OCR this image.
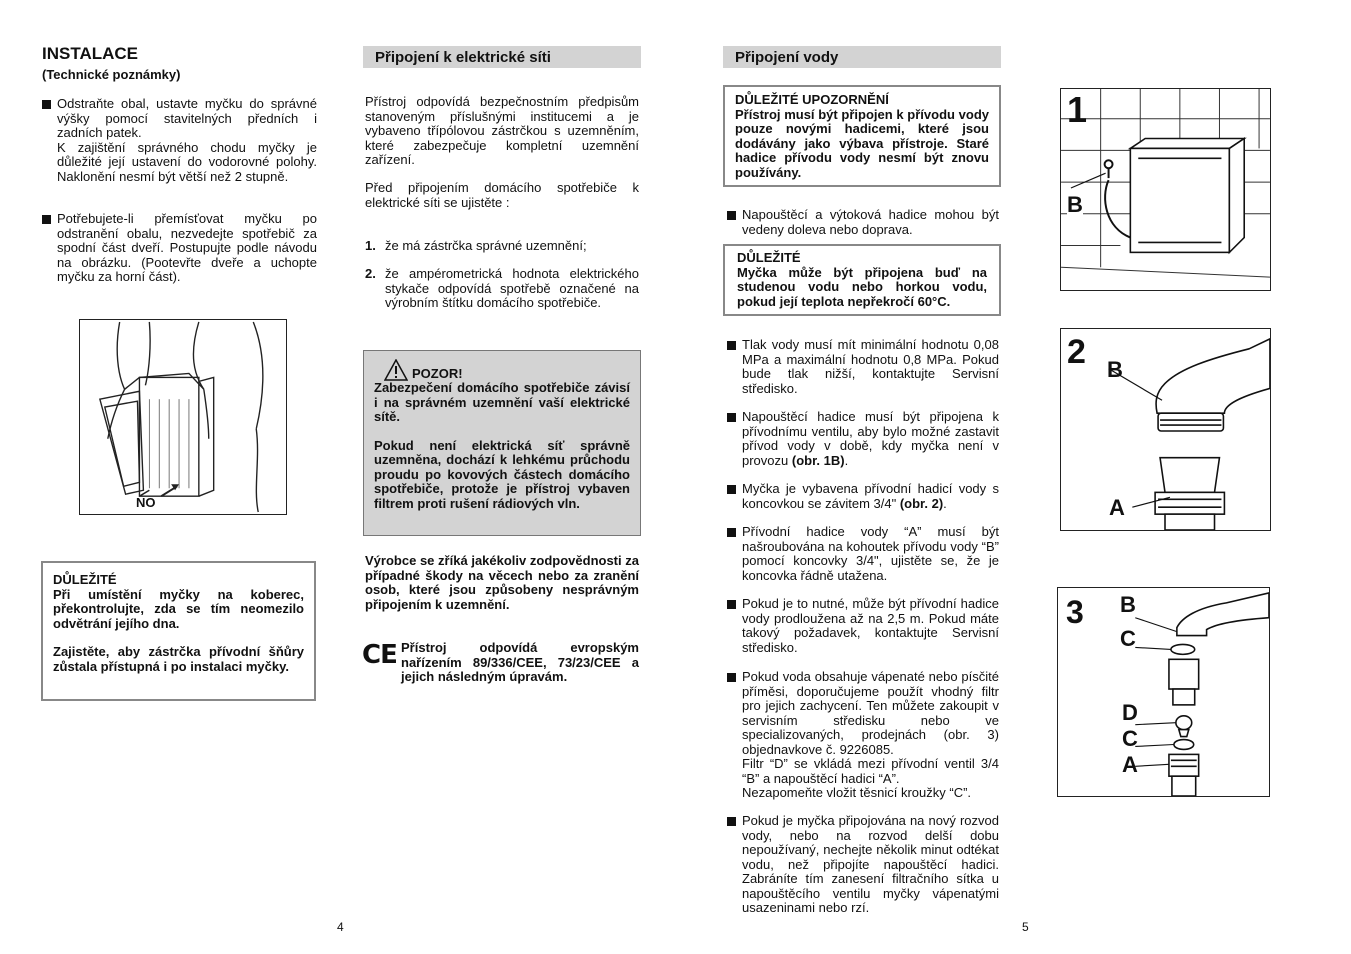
INSTALACE
(Technické poznámky)
Odstraňte obal, ustavte myčku do správné výšky pomocí stavitelných předních i zadních patek.
K zajištění správného chodu myčky je důležité její ustavení do vodorovné polohy. Naklonění nesmí být větší než 2 stupně.
Potřebujete-li přemísťovat myčku po odstranění obalu, nezvedejte spotřebič za spodní část dveří. Postupujte podle návodu na obrázku. (Pootevřte dveře a uchopte myčku za horní část).
NO
DŮLEŽITÉ
Při umístění myčky na koberec, překontrolujte, zda se tím neomezilo odvětrání jejího dna.
Zajistěte, aby zástrčka přívodní šňůry zůstala přístupná i po instalaci myčky.
4
Připojení k elektrické síti
Přístroj odpovídá bezpečnostním předpisům stanoveným příslušnými institucemi a je vybaveno třípólovou zástrčkou s uzemněním, které zabezpečuje kompletní uzemnění zařízení.
Před připojením domácího spotřebiče k elektrické síti se ujistěte :
1. že má zástrčka správné uzemnění;
2. že ampérometrická hodnota elektrického stykače odpovídá spotřebě označené na výrobním štítku domácího spotřebiče.
POZOR!
Zabezpečení domácího spotřebiče závisí i na správném uzemnění vaší elektrické sítě.
Pokud není elektrická síť správně uzemněna, dochází k lehkému průchodu proudu po kovových částech domácího spotřebiče, protože je přístroj vybaven filtrem proti rušení rádiových vln.
Výrobce se zříká jakékoliv zodpovědnosti za případné škody na věcech nebo za zranění osob, které jsou způsobeny nesprávným připojením k uzemnění.
CE Přístroj odpovídá evropským nařízením 89/336/CEE, 73/23/CEE a jejich následným úpravám.
Připojení vody
DŮLEŽITÉ UPOZORNĚNÍ
Přístroj musí být připojen k přívodu vody pouze novými hadicemi, které jsou dodávány jako výbava přístroje. Staré hadice přívodu vody nesmí být znovu používány.
Napouštěcí a výtoková hadice mohou být vedeny doleva nebo doprava.
DŮLEŽITÉ
Myčka může být připojena buď na studenou vodu nebo horkou vodu, pokud její teplota nepřekročí 60°C.
Tlak vody musí mít minimální hodnotu 0,08 MPa a maximální hodnotu 0,8 MPa. Pokud bude tlak nižší, kontaktujte Servisní středisko.
Napouštěcí hadice musí být připojena k přívodnímu ventilu, aby bylo možné zastavit přívod vody v době, kdy myčka není v provozu (obr. 1B).
Myčka je vybavena přívodní hadicí vody s koncovkou se závitem 3/4" (obr. 2).
Přívodní hadice vody “A” musí být našroubována na kohoutek přívodu vody “B” pomocí koncovky 3/4", ujistěte se, že je koncovka řádně utažena.
Pokud je to nutné, může být přívodní hadice vody prodloužena až na 2,5 m. Pokud máte takový požadavek, kontaktujte Servisní středisko.
Pokud voda obsahuje vápenaté nebo písčité příměsi, doporučujeme použít vhodný filtr pro jejich zachycení. Ten můžete zakoupit v servisním středisku nebo ve specializovaných, prodejnách (obr. 3) objednavkove č. 9226085.
Filtr “D” se vkládá mezi přívodní ventil 3/4 “B” a napouštěcí hadici “A”.
Nezapomeňte vložit těsnicí kroužky “C”.
Pokud je myčka připojována na nový rozvod vody, nebo na rozvod delší dobu nepoužívaný, nechejte několik minut odtékat vodu, než připojíte napouštěcí hadici. Zabráníte tím zanesení filtračního sítka u napouštěcího ventilu myčky vápenatými usazeninami nebo rzí.
5
1
B
2 B
A
3 B
C
D
C
A
